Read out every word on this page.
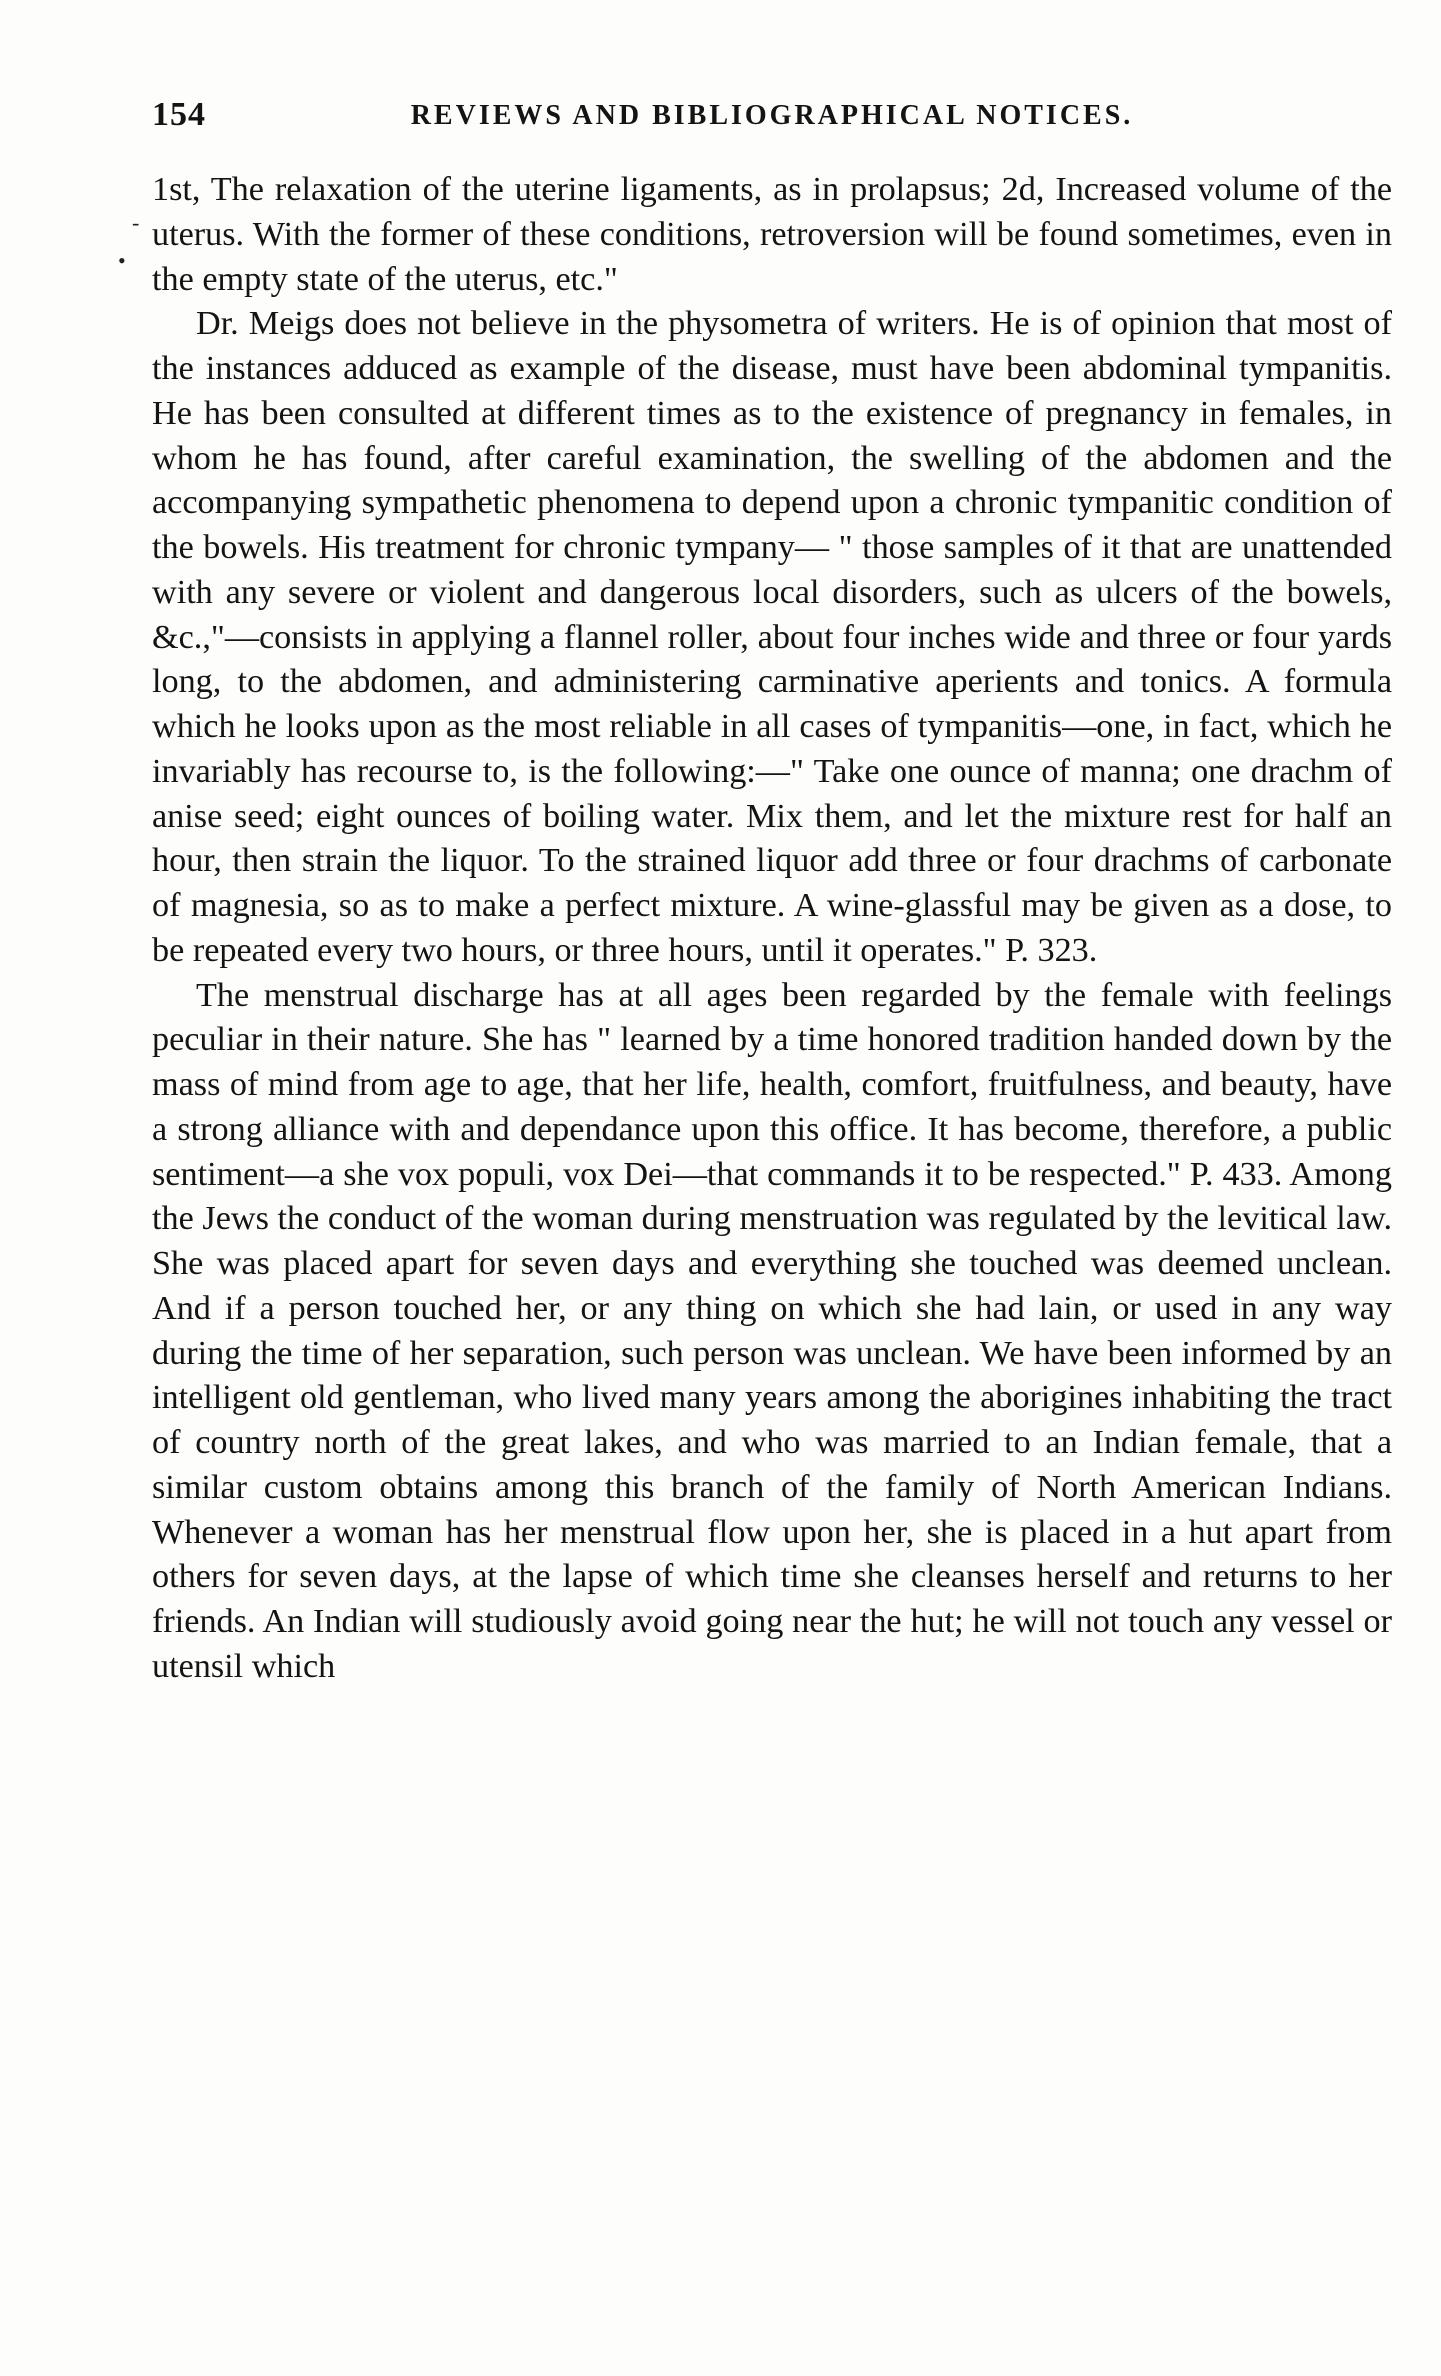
154	REVIEWS AND BIBLIOGRAPHICAL NOTICES.
-
•

1st, The relaxation of the uterine ligaments, as in prolapsus; 2d, Increased volume of the uterus. With the former of these conditions, retroversion will be found sometimes, even in the empty state of the uterus, etc."

Dr. Meigs does not believe in the physometra of writers. He is of opinion that most of the instances adduced as example of the disease, must have been abdominal tympanitis. He has been consulted at different times as to the existence of pregnancy in females, in whom he has found, after careful examination, the swelling of the abdomen and the accompanying sympathetic phenomena to depend upon a chronic tympanitic condition of the bowels. His treatment for chronic tympany— " those samples of it that are unattended with any severe or violent and dangerous local disorders, such as ulcers of the bowels, &c.,"—consists in applying a flannel roller, about four inches wide and three or four yards long, to the abdomen, and administering carminative aperients and tonics. A formula which he looks upon as the most reliable in all cases of tympanitis—one, in fact, which he invariably has recourse to, is the following:—" Take one ounce of manna; one drachm of anise seed; eight ounces of boiling water. Mix them, and let the mixture rest for half an hour, then strain the liquor. To the strained liquor add three or four drachms of carbonate of magnesia, so as to make a perfect mixture. A wine-glassful may be given as a dose, to be repeated every two hours, or three hours, until it operates." P. 323.

The menstrual discharge has at all ages been regarded by the female with feelings peculiar in their nature. She has " learned by a time honored tradition handed down by the mass of mind from age to age, that her life, health, comfort, fruitfulness, and beauty, have a strong alliance with and dependance upon this office. It has become, therefore, a public sentiment—a she vox populi, vox Dei—that commands it to be respected." P. 433. Among the Jews the conduct of the woman during menstruation was regulated by the levitical law. She was placed apart for seven days and everything she touched was deemed unclean. And if a person touched her, or any thing on which she had lain, or used in any way during the time of her separation, such person was unclean. We have been informed by an intelligent old gentleman, who lived many years among the aborigines inhabiting the tract of country north of the great lakes, and who was married to an Indian female, that a similar custom obtains among this branch of the family of North American Indians. Whenever a woman has her menstrual flow upon her, she is placed in a hut apart from others for seven days, at the lapse of which time she cleanses herself and returns to her friends. An Indian will studiously avoid going near the hut; he will not touch any vessel or utensil which
